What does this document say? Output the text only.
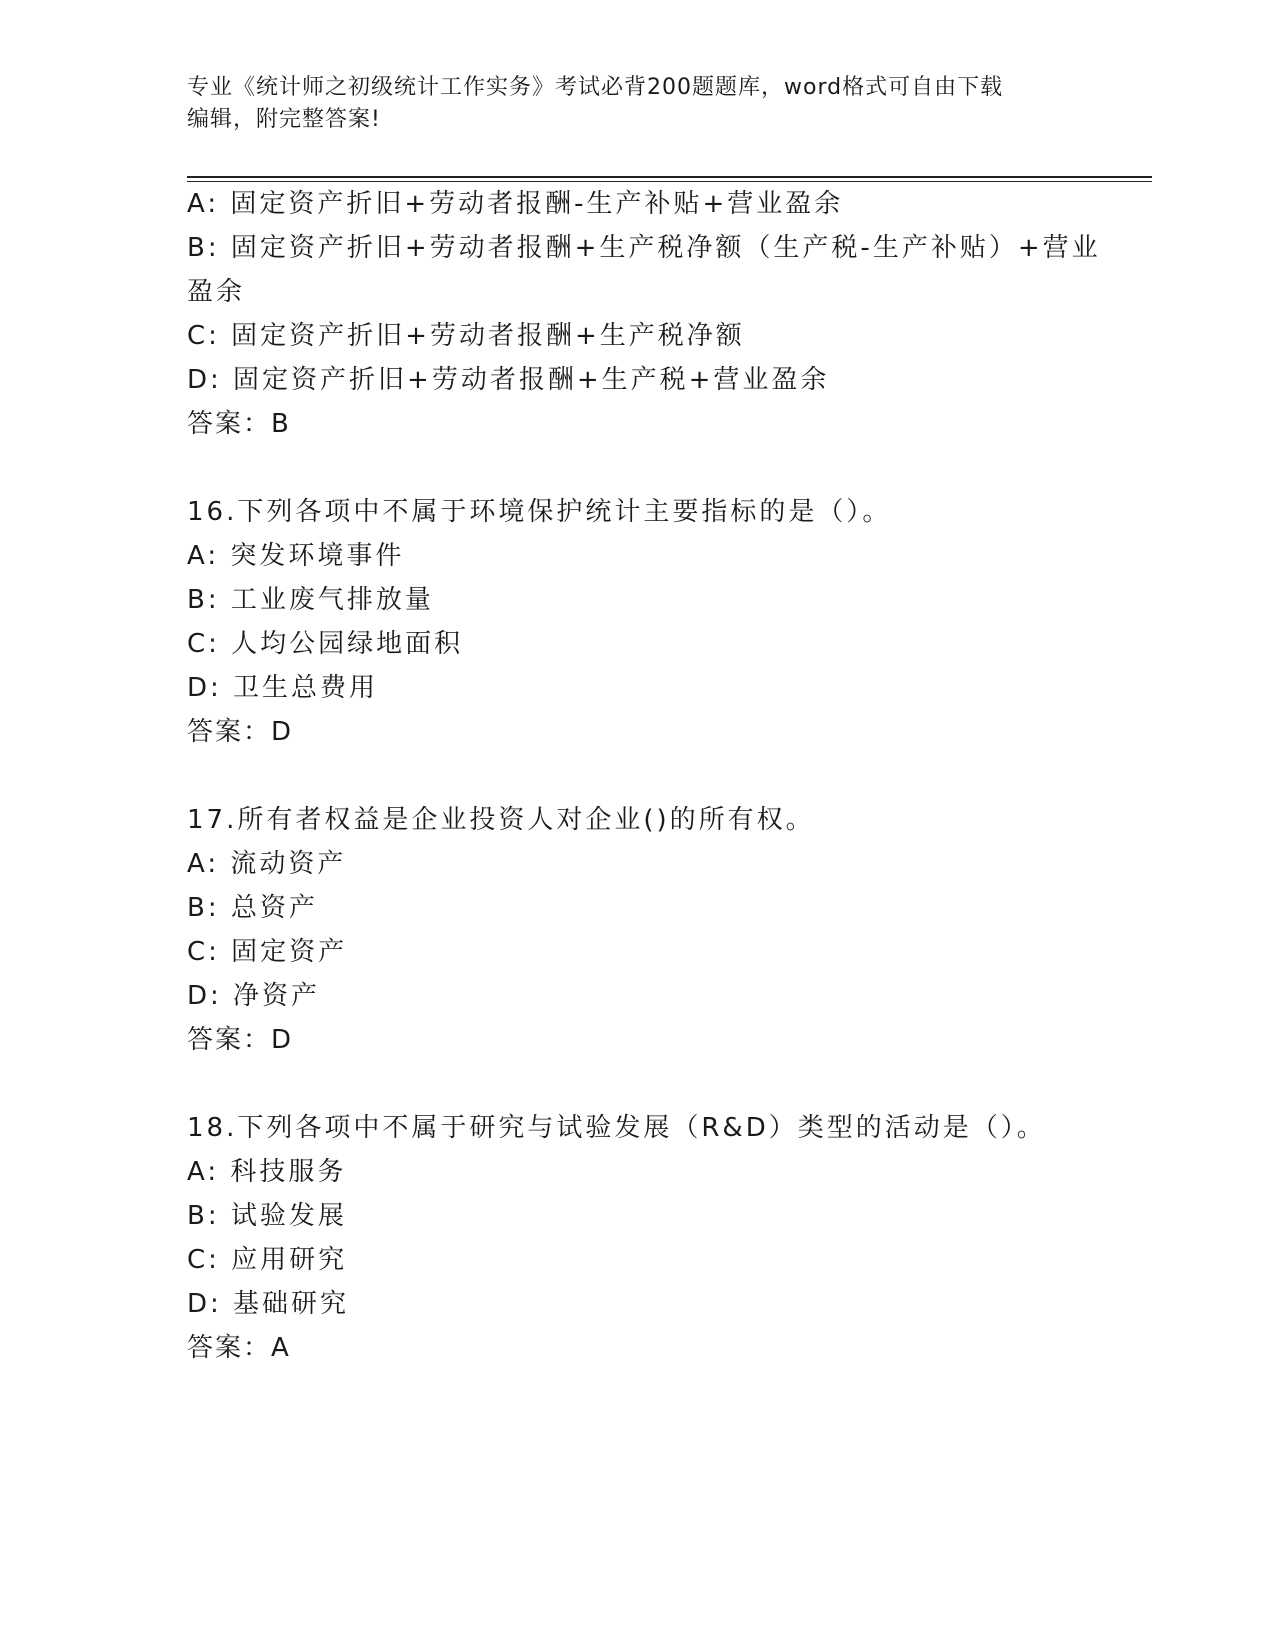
专业《统计师之初级统计工作实务》考试必背200题题库，word格式可自由下载
编辑，附完整答案!
A: 固定资产折旧+劳动者报酬-生产补贴+营业盈余
B: 固定资产折旧+劳动者报酬+生产税净额（生产税-生产补贴）+营业
盈余
C: 固定资产折旧+劳动者报酬+生产税净额
D: 固定资产折旧+劳动者报酬+生产税+营业盈余
答案：B
16.下列各项中不属于环境保护统计主要指标的是（）。
A: 突发环境事件
B: 工业废气排放量
C: 人均公园绿地面积
D: 卫生总费用
答案：D
17.所有者权益是企业投资人对企业()的所有权。
A: 流动资产
B: 总资产
C: 固定资产
D: 净资产
答案：D
18.下列各项中不属于研究与试验发展（R&D）类型的活动是（）。
A: 科技服务
B: 试验发展
C: 应用研究
D: 基础研究
答案：A
